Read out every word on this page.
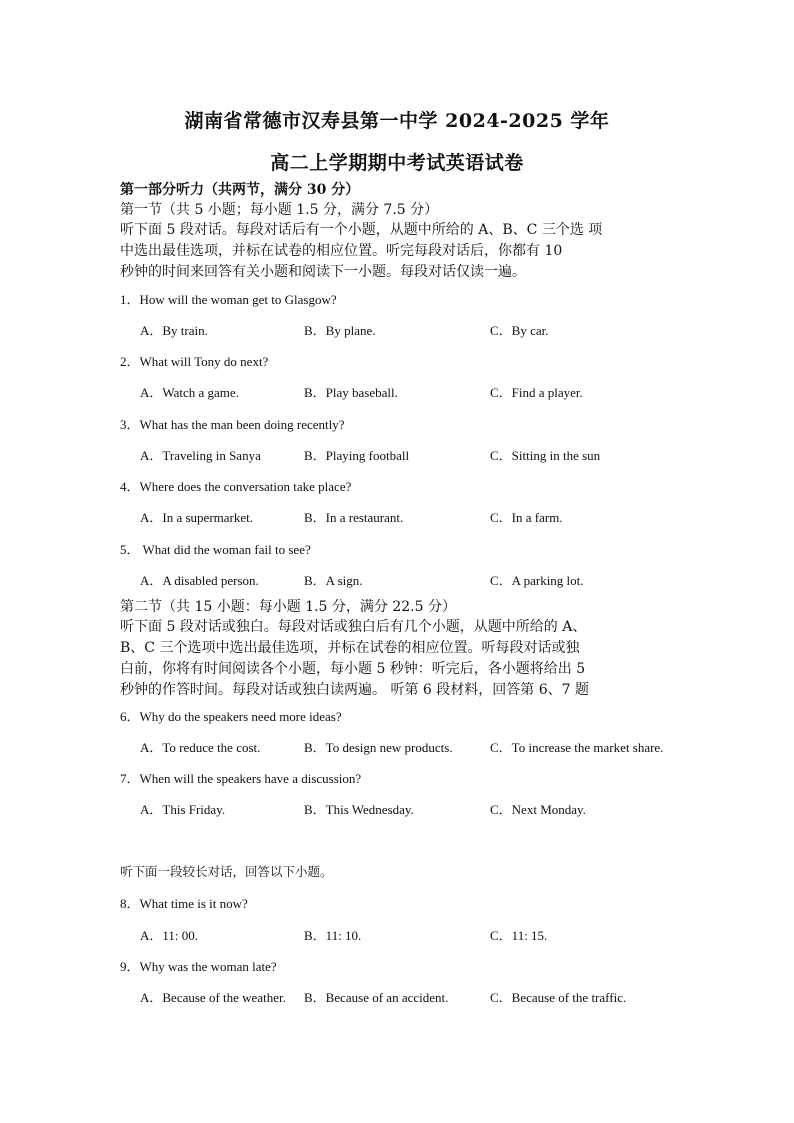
湖南省常德市汉寿县第一中学 2024-2025 学年
高二上学期期中考试英语试卷
第一部分听力（共两节，满分 30 分）
第一节（共 5 小题；每小题 1.5 分，满分 7.5 分）
听下面 5 段对话。每段对话后有一个小题，从题中所给的 A、B、C 三个选 项
中选出最佳选项，并标在试卷的相应位置。听完每段对话后，你都有 10
秒钟的时间来回答有关小题和阅读下一小题。每段对话仅读一遍。
1．How will the woman get to Glasgow?
A．By train.	B．By plane.	C．By car.
2．What will Tony do next?
A．Watch a game.	B．Play baseball.	C．Find a player.
3．What has the man been doing recently?
A．Traveling in Sanya	B．Playing football	C．Sitting in the sun
4．Where does the conversation take place?
A．In a supermarket.	B．In a restaurant.	C．In a farm.
5． What did the woman fail to see?
A．A disabled person.	B．A sign.	C．A parking lot.
第二节（共 15 小题：每小题 1.5 分，满分 22.5 分）
听下面 5 段对话或独白。每段对话或独白后有几个小题，从题中所给的 A、
B、C 三个选项中选出最佳选项，并标在试卷的相应位置。听每段对话或独
白前，你将有时间阅读各个小题，每小题 5 秒钟：听完后，各小题将给出 5
秒钟的作答时间。每段对话或独白读两遍。 听第 6 段材料，回答第 6、7 题
6．Why do the speakers need more ideas?
A．To reduce the cost.	B．To design new products.	C．To increase the market share.
7．When will the speakers have a discussion?
A．This Friday.	B．This Wednesday.	C．Next Monday.
听下面一段较长对话，回答以下小题。
8．What time is it now?
A．11: 00.	B．11: 10.	C．11: 15.
9．Why was the woman late?
A．Because of the weather. B．Because of an accident.	C．Because of the traffic.
